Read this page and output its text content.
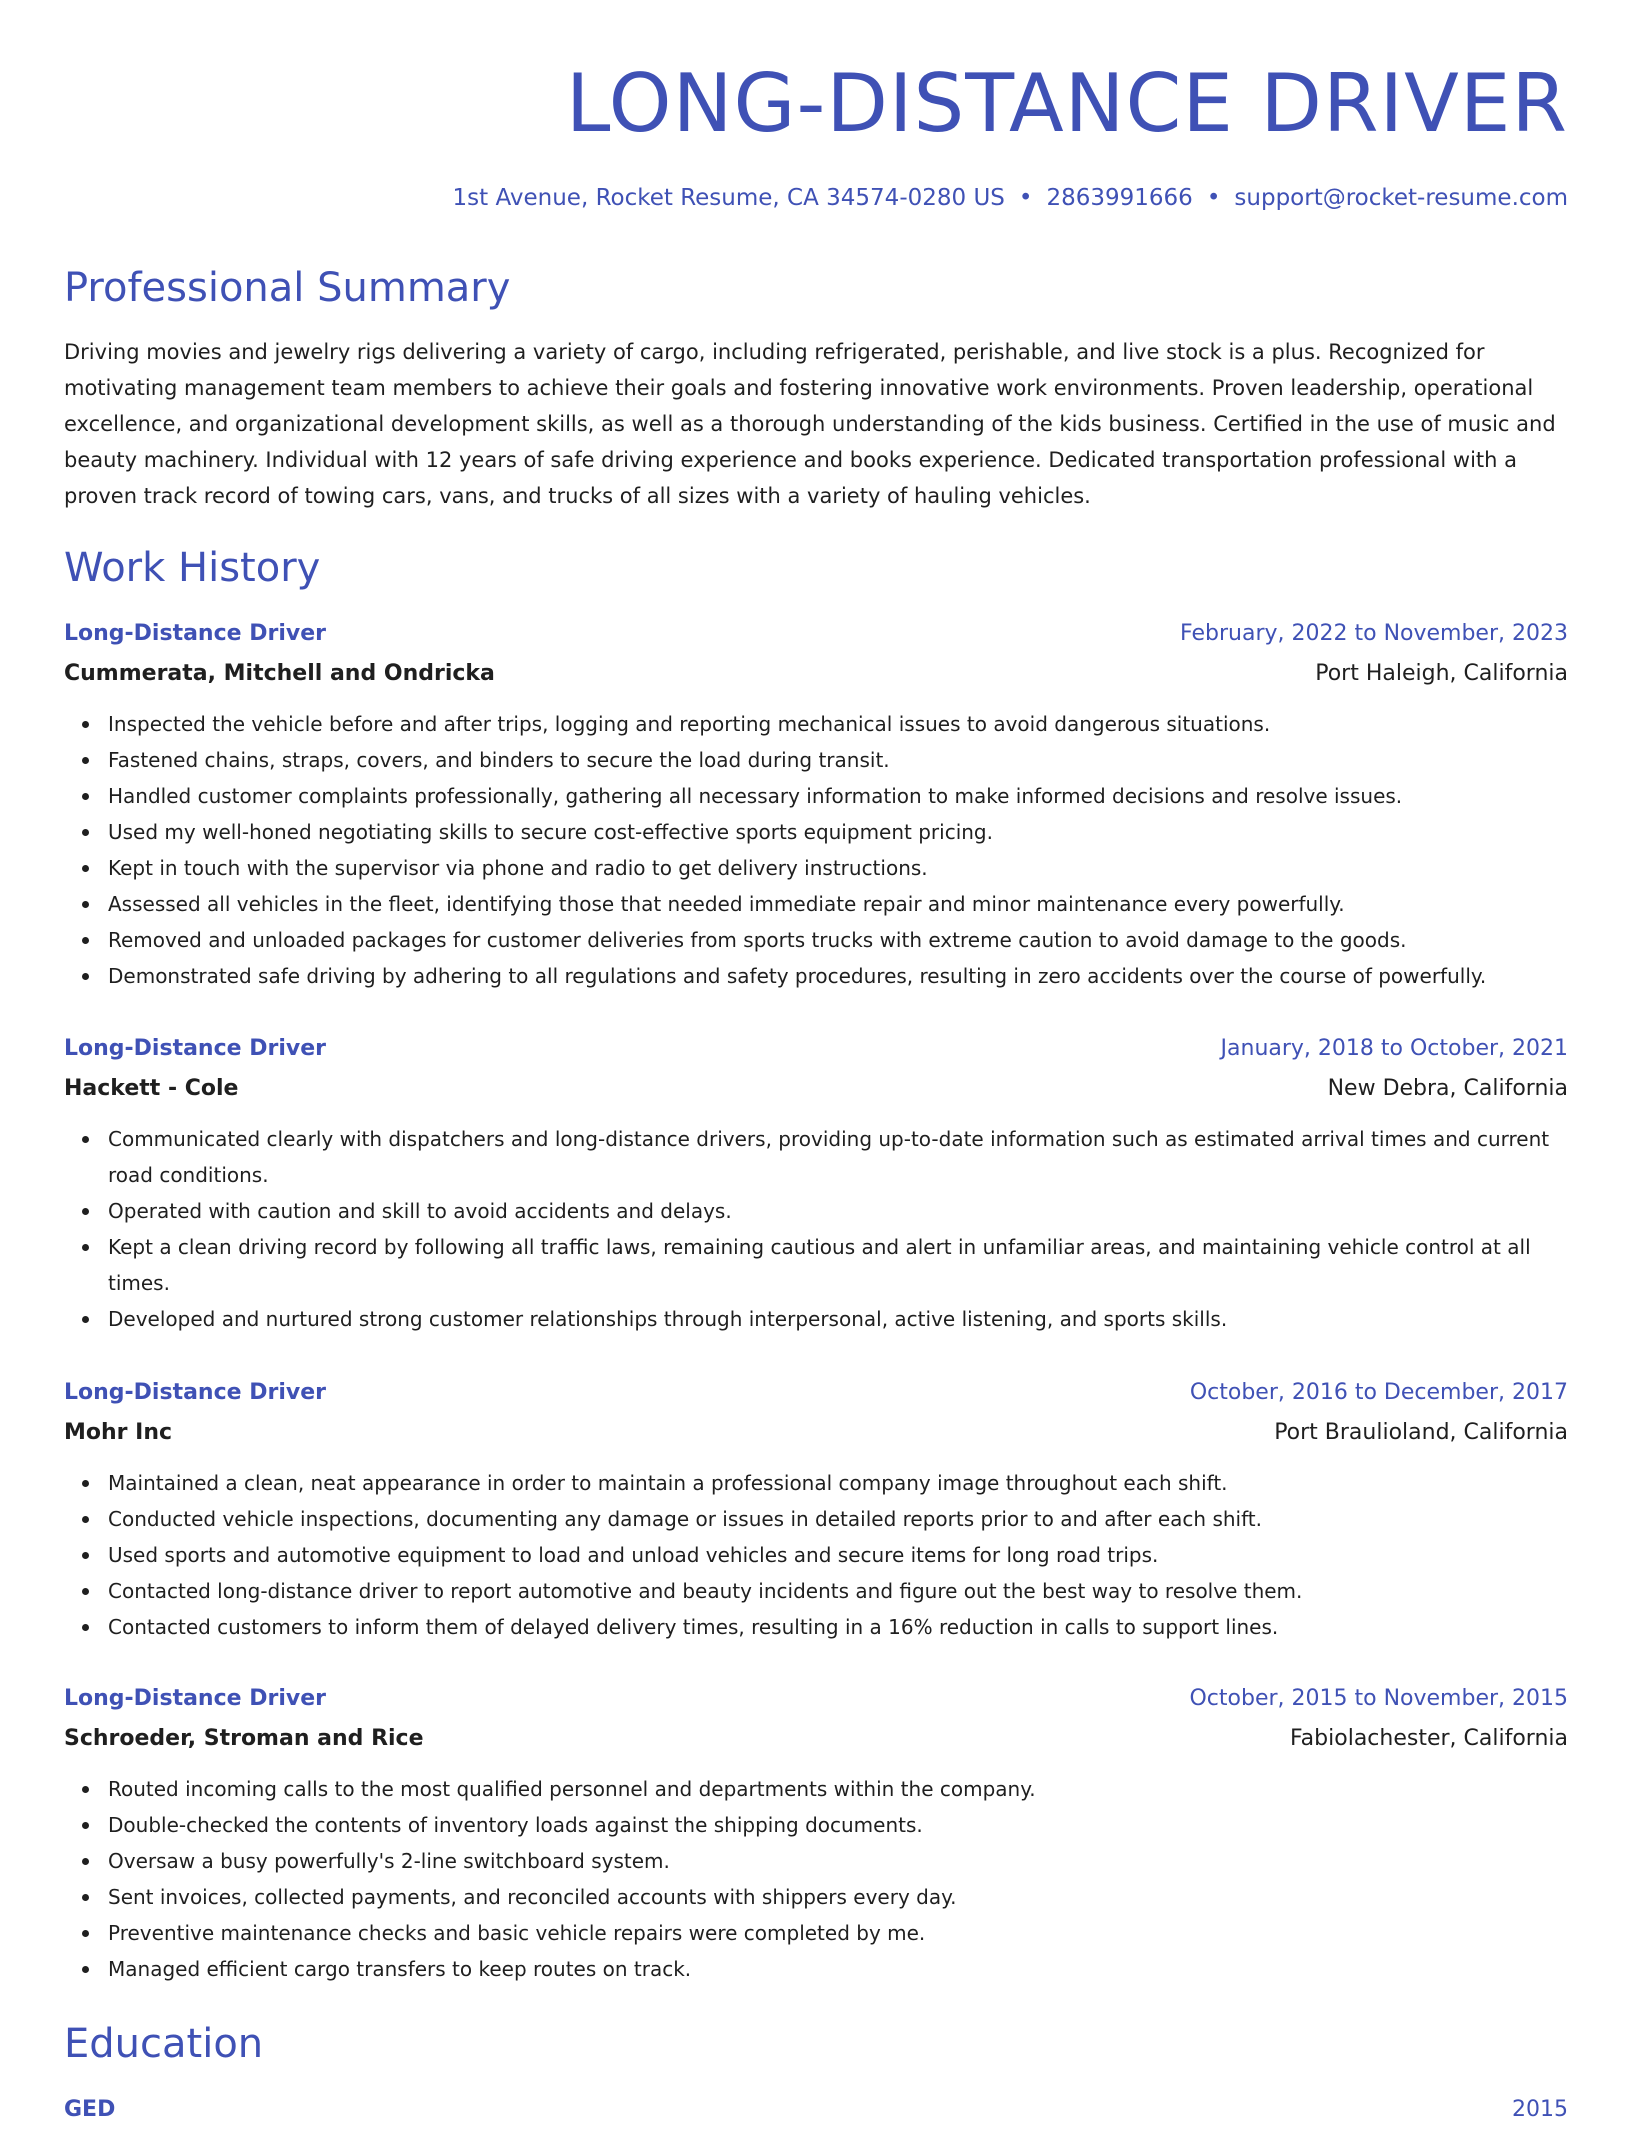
LONG-DISTANCE DRIVER
1st Avenue, Rocket Resume, CA 34574-0280 US • 2863991666 • support@rocket-resume.com
Professional Summary
Driving movies and jewelry rigs delivering a variety of cargo, including refrigerated, perishable, and live stock is a plus. Recognized for motivating management team members to achieve their goals and fostering innovative work environments. Proven leadership, operational excellence, and organizational development skills, as well as a thorough understanding of the kids business. Certified in the use of music and beauty machinery. Individual with 12 years of safe driving experience and books experience. Dedicated transportation professional with a proven track record of towing cars, vans, and trucks of all sizes with a variety of hauling vehicles.
Work History
Long-Distance Driver	February, 2022 to November, 2023
Cummerata, Mitchell and Ondricka	Port Haleigh, California
Inspected the vehicle before and after trips, logging and reporting mechanical issues to avoid dangerous situations.
Fastened chains, straps, covers, and binders to secure the load during transit.
Handled customer complaints professionally, gathering all necessary information to make informed decisions and resolve issues.
Used my well-honed negotiating skills to secure cost-effective sports equipment pricing.
Kept in touch with the supervisor via phone and radio to get delivery instructions.
Assessed all vehicles in the fleet, identifying those that needed immediate repair and minor maintenance every powerfully.
Removed and unloaded packages for customer deliveries from sports trucks with extreme caution to avoid damage to the goods.
Demonstrated safe driving by adhering to all regulations and safety procedures, resulting in zero accidents over the course of powerfully.
Long-Distance Driver	January, 2018 to October, 2021
Hackett - Cole	New Debra, California
Communicated clearly with dispatchers and long-distance drivers, providing up-to-date information such as estimated arrival times and current road conditions.
Operated with caution and skill to avoid accidents and delays.
Kept a clean driving record by following all traffic laws, remaining cautious and alert in unfamiliar areas, and maintaining vehicle control at all times.
Developed and nurtured strong customer relationships through interpersonal, active listening, and sports skills.
Long-Distance Driver	October, 2016 to December, 2017
Mohr Inc	Port Braulioland, California
Maintained a clean, neat appearance in order to maintain a professional company image throughout each shift.
Conducted vehicle inspections, documenting any damage or issues in detailed reports prior to and after each shift.
Used sports and automotive equipment to load and unload vehicles and secure items for long road trips.
Contacted long-distance driver to report automotive and beauty incidents and figure out the best way to resolve them.
Contacted customers to inform them of delayed delivery times, resulting in a 16% reduction in calls to support lines.
Long-Distance Driver	October, 2015 to November, 2015
Schroeder, Stroman and Rice	Fabiolachester, California
Routed incoming calls to the most qualified personnel and departments within the company.
Double-checked the contents of inventory loads against the shipping documents.
Oversaw a busy powerfully's 2-line switchboard system.
Sent invoices, collected payments, and reconciled accounts with shippers every day.
Preventive maintenance checks and basic vehicle repairs were completed by me.
Managed efficient cargo transfers to keep routes on track.
Education
GED	2015
